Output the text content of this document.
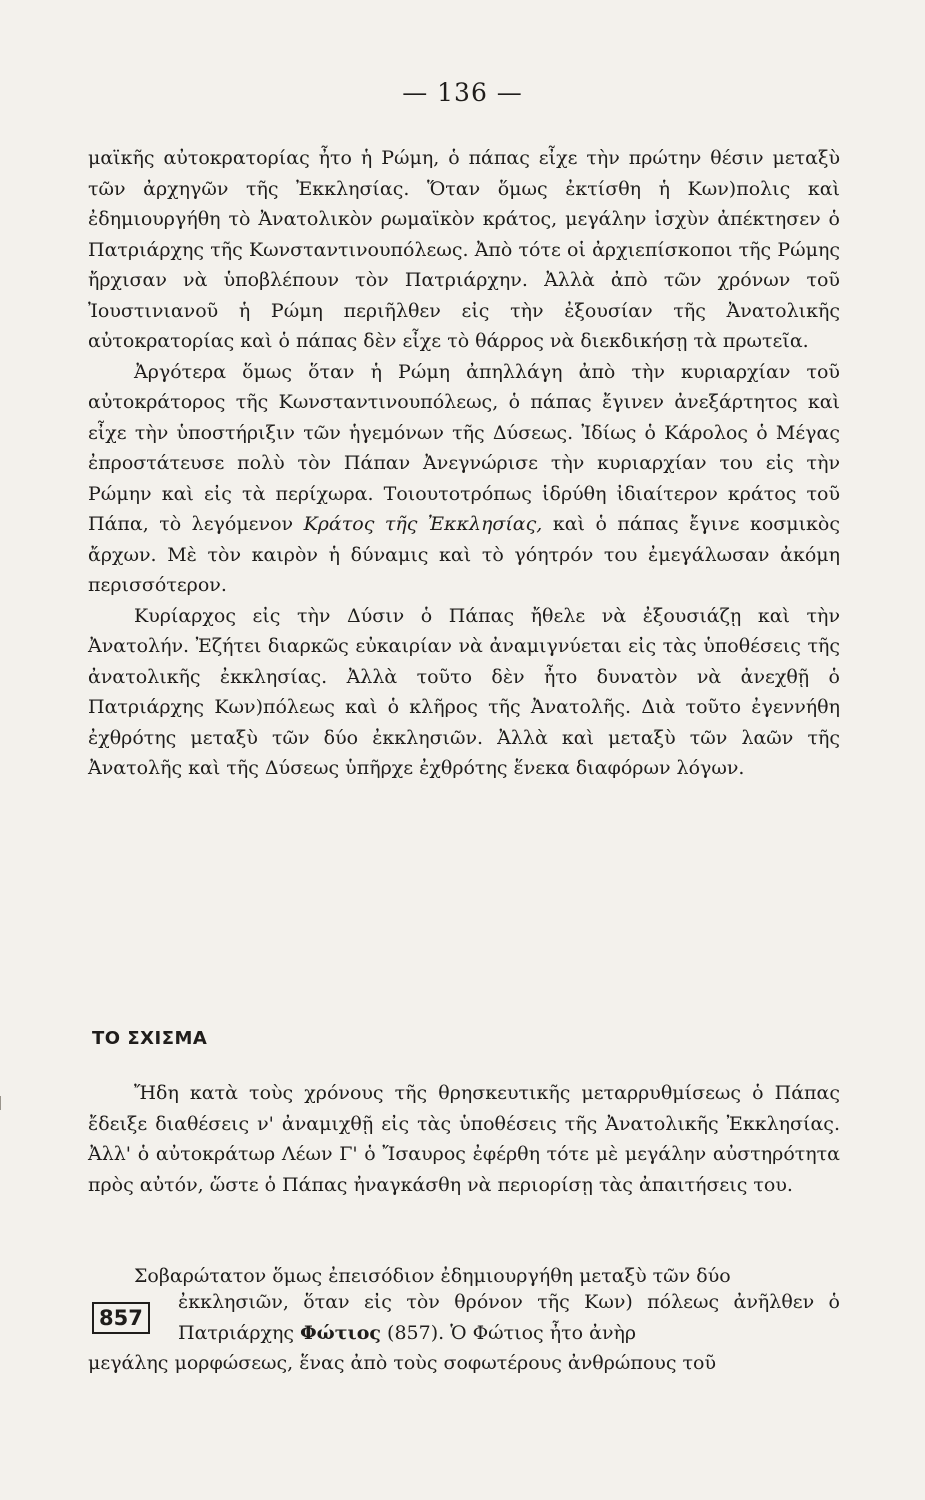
— 136 —

μαϊκῆς αὐτοκρατορίας ἦτο ἡ Ρώμη, ὁ πάπας εἶχε τὴν πρώτην θέσιν μεταξὺ τῶν ἀρχηγῶν τῆς Ἐκκλησίας. Ὅταν ὅμως ἐκτίσθη ἡ Κων)πολις καὶ ἐδημιουργήθη τὸ Ἀνατολικὸν ρωμαϊκὸν κράτος, μεγάλην ἰσχὺν ἀπέκτησεν ὁ Πατριάρχης τῆς Κωνσταντινουπόλεως. Ἀπὸ τότε οἱ ἀρχιεπίσκοποι τῆς Ρώμης ἤρχισαν νὰ ὑποβλέπουν τὸν Πατριάρχην. Ἀλλὰ ἀπὸ τῶν χρόνων τοῦ Ἰουστινιανοῦ ἡ Ρώμη περιῆλθεν εἰς τὴν ἐξουσίαν τῆς Ἀνατολικῆς αὐτοκρατορίας καὶ ὁ πάπας δὲν εἶχε τὸ θάρρος νὰ διεκδικήσῃ τὰ πρωτεῖα.

Ἀργότερα ὅμως ὅταν ἡ Ρώμη ἀπηλλάγη ἀπὸ τὴν κυριαρχίαν τοῦ αὐτοκράτορος τῆς Κωνσταντινουπόλεως, ὁ πάπας ἔγινεν ἀνεξάρτητος καὶ εἶχε τὴν ὑποστήριξιν τῶν ἡγεμόνων τῆς Δύσεως. Ἰδίως ὁ Κάρολος ὁ Μέγας ἐπροστάτευσε πολὺ τὸν Πάπαν Ἀνεγνώρισε τὴν κυριαρχίαν του εἰς τὴν Ρώμην καὶ εἰς τὰ περίχωρα. Τοιουτοτρόπως ἱδρύθη ἰδιαίτερον κράτος τοῦ Πάπα, τὸ λεγόμενον Κράτος τῆς Ἐκκλησίας, καὶ ὁ πάπας ἔγινε κοσμικὸς ἄρχων. Μὲ τὸν καιρὸν ἡ δύναμις καὶ τὸ γόητρόν του ἐμεγάλωσαν ἀκόμη περισσότερον.

Κυρίαρχος εἰς τὴν Δύσιν ὁ Πάπας ἤθελε νὰ ἐξουσιάζῃ καὶ τὴν Ἀνατολήν. Ἐζήτει διαρκῶς εὐκαιρίαν νὰ ἀναμιγνύεται εἰς τὰς ὑποθέσεις τῆς ἀνατολικῆς ἐκκλησίας. Ἀλλὰ τοῦτο δὲν ἦτο δυνατὸν νὰ ἀνεχθῇ ὁ Πατριάρχης Κων)πόλεως καὶ ὁ κλῆρος τῆς Ἀνατολῆς. Διὰ τοῦτο ἐγεννήθη ἐχθρότης μεταξὺ τῶν δύο ἐκκλησιῶν. Ἀλλὰ καὶ μεταξὺ τῶν λαῶν τῆς Ἀνατολῆς καὶ τῆς Δύσεως ὑπῆρχε ἐχθρότης ἕνεκα διαφόρων λόγων.

ΤΟ ΣΧΙΣΜΑ

Ἤδη κατὰ τοὺς χρόνους τῆς θρησκευτικῆς μεταρρυθμίσεως ὁ Πάπας ἔδειξε διαθέσεις ν' ἀναμιχθῇ εἰς τὰς ὑποθέσεις τῆς Ἀνατολικῆς Ἐκκλησίας. Ἀλλ' ὁ αὐτοκράτωρ Λέων Γ' ὁ Ἴσαυρος ἐφέρθη τότε μὲ μεγάλην αὐστηρότητα πρὸς αὐτόν, ὥστε ὁ Πάπας ἠναγκάσθη νὰ περιορίσῃ τὰς ἀπαιτήσεις του.

Σοβαρώτατον ὅμως ἐπεισόδιον ἐδημιουργήθη μεταξὺ τῶν δύο

857

ἐκκλησιῶν, ὅταν εἰς τὸν θρόνον τῆς Κων) πόλεως ἀνῆλθεν ὁ Πατριάρχης Φώτιος (857). Ὁ Φώτιος ἦτο ἀνὴρ

μεγάλης μορφώσεως, ἕνας ἀπὸ τοὺς σοφωτέρους ἀνθρώπους τοῦ
